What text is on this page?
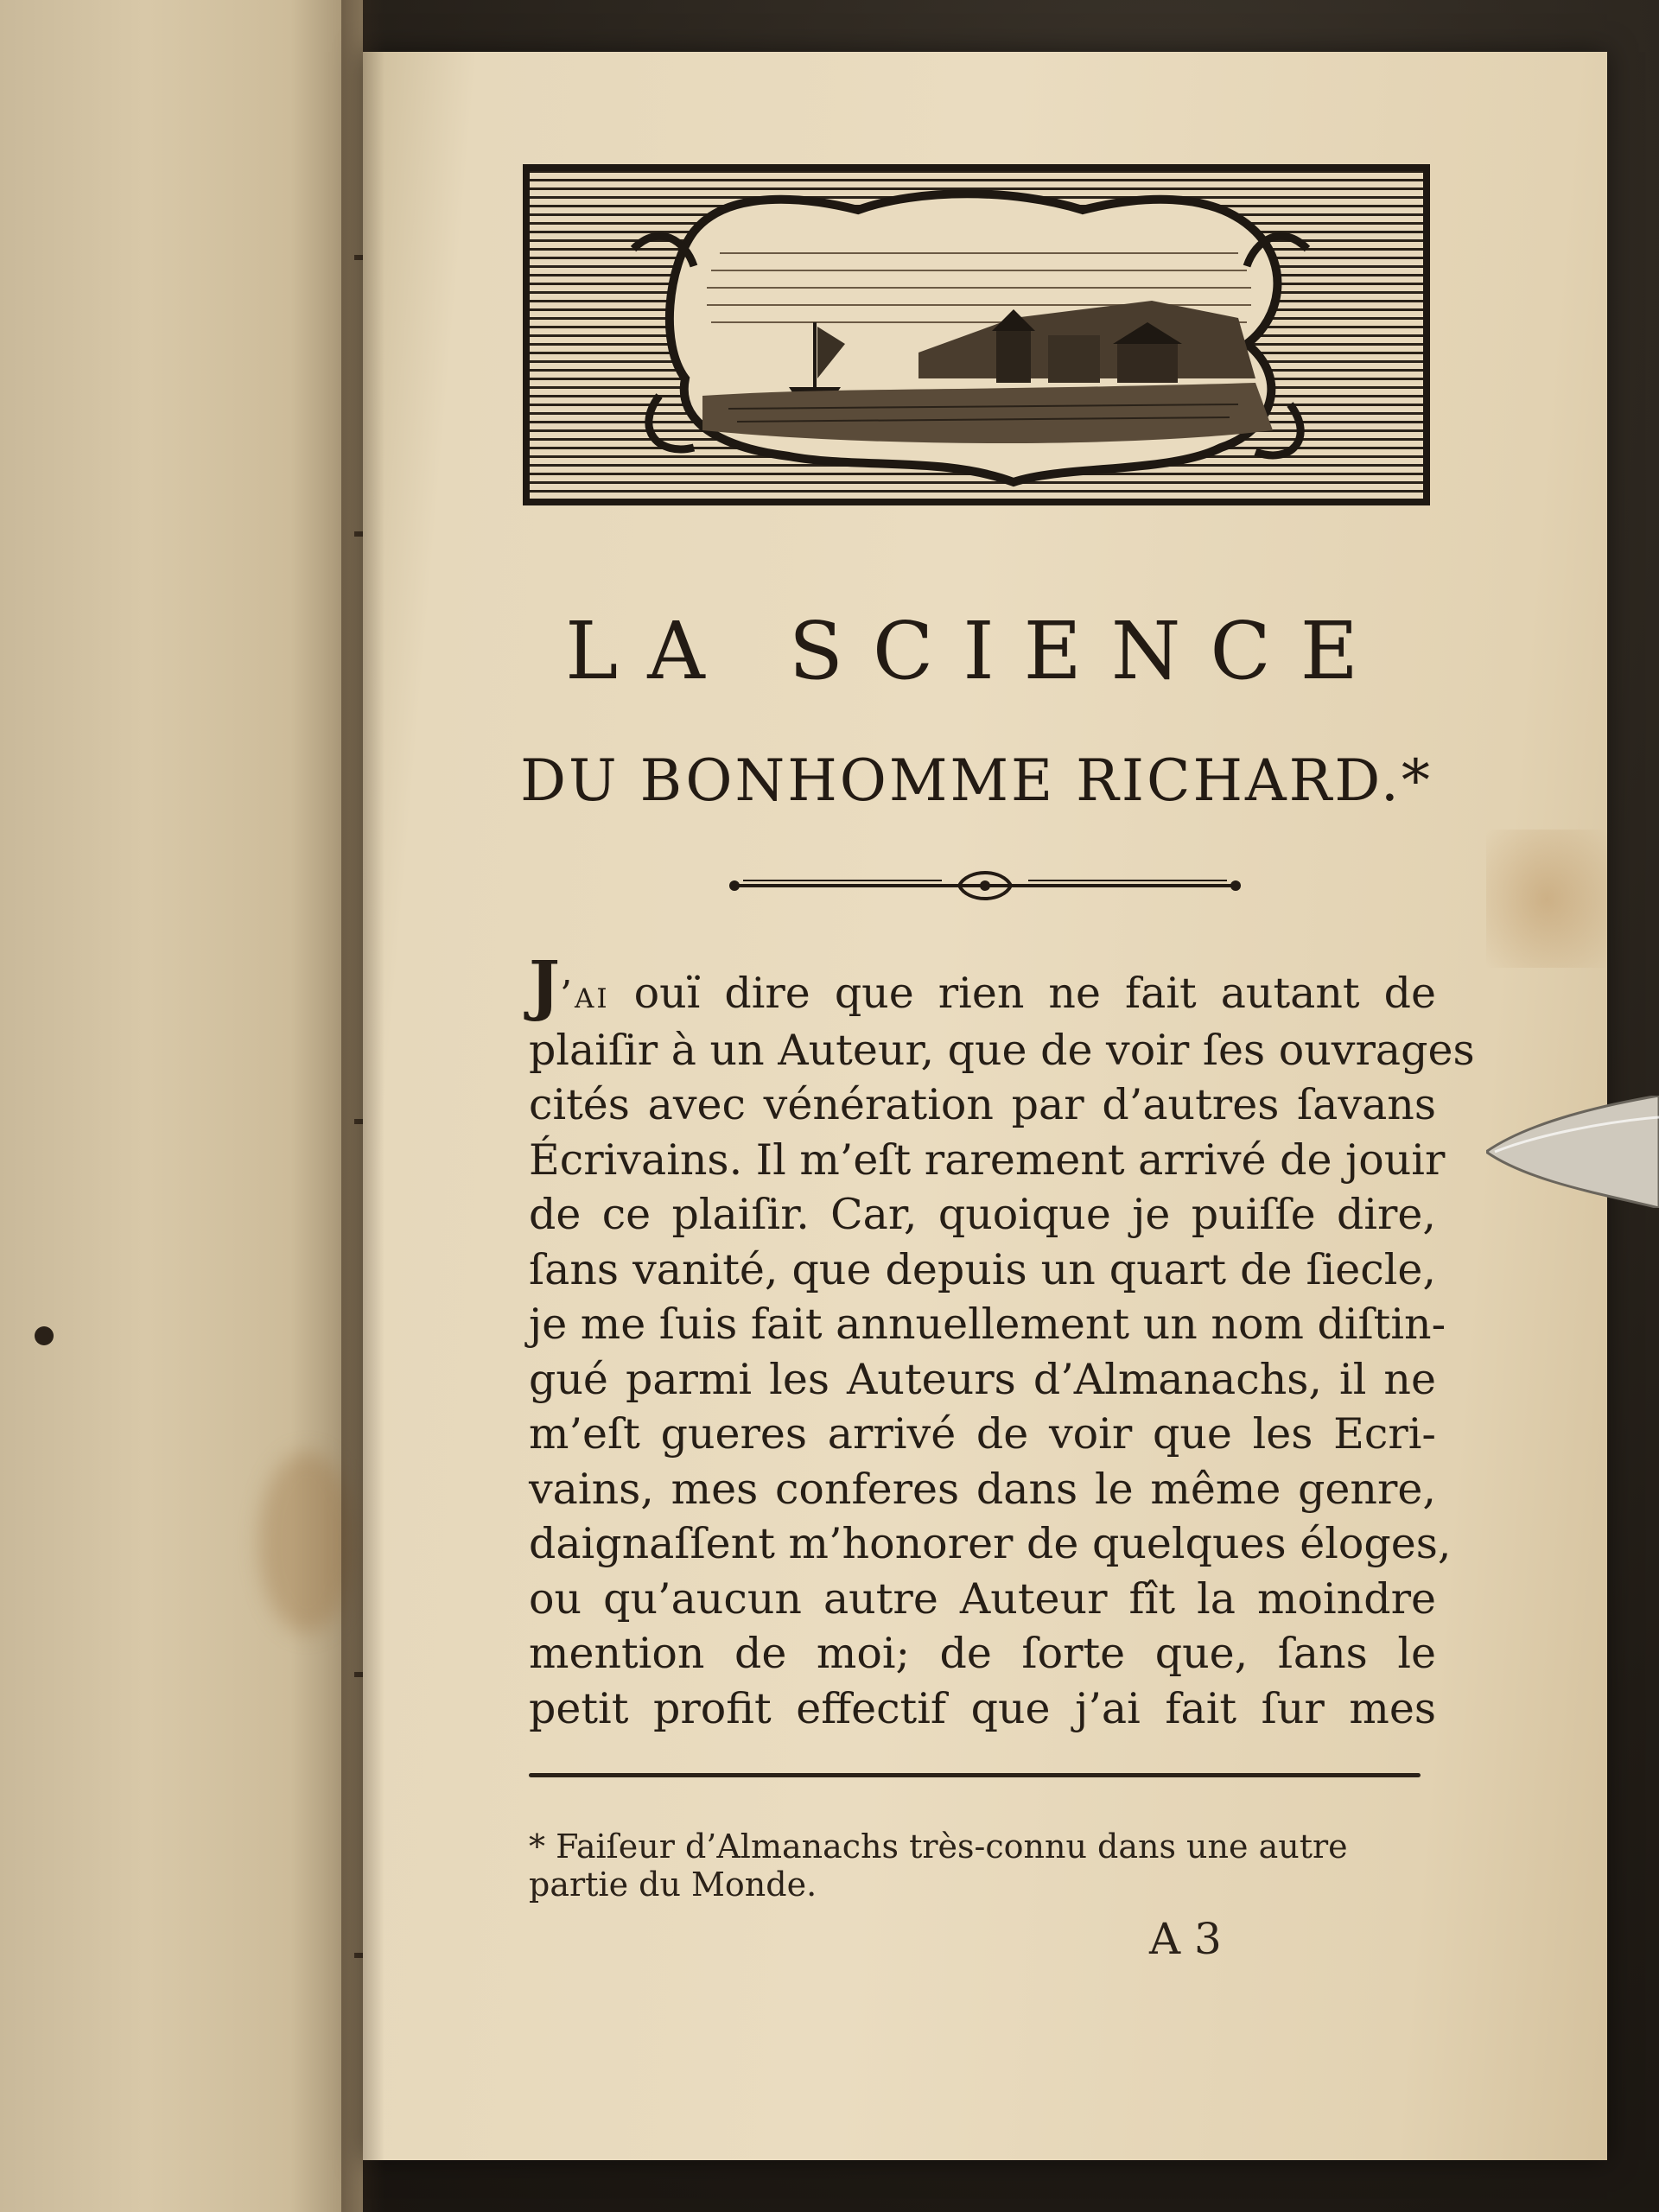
LA SCIENCE
DU BONHOMME RICHARD.*
J’ai ouï dire que rien ne fait autant de
plaiſir à un Auteur, que de voir ſes ouvrages
cités avec vénération par d’autres ſavans
Écrivains. Il m’eſt rarement arrivé de jouir
de ce plaiſir. Car, quoique je puiſſe dire,
ſans vanité, que depuis un quart de ſiecle,
je me ſuis fait annuellement un nom diſtin-
gué parmi les Auteurs d’Almanachs, il ne
m’eſt gueres arrivé de voir que les Ecri-
vains, mes conferes dans le même genre,
daignaſſent m’honorer de quelques éloges,
ou qu’aucun autre Auteur fît la moindre
mention de moi; de ſorte que, ſans le
petit profit effectif que j’ai fait ſur mes

* Faiſeur d’Almanachs très-connu dans une autre partie du Monde.

A 3
